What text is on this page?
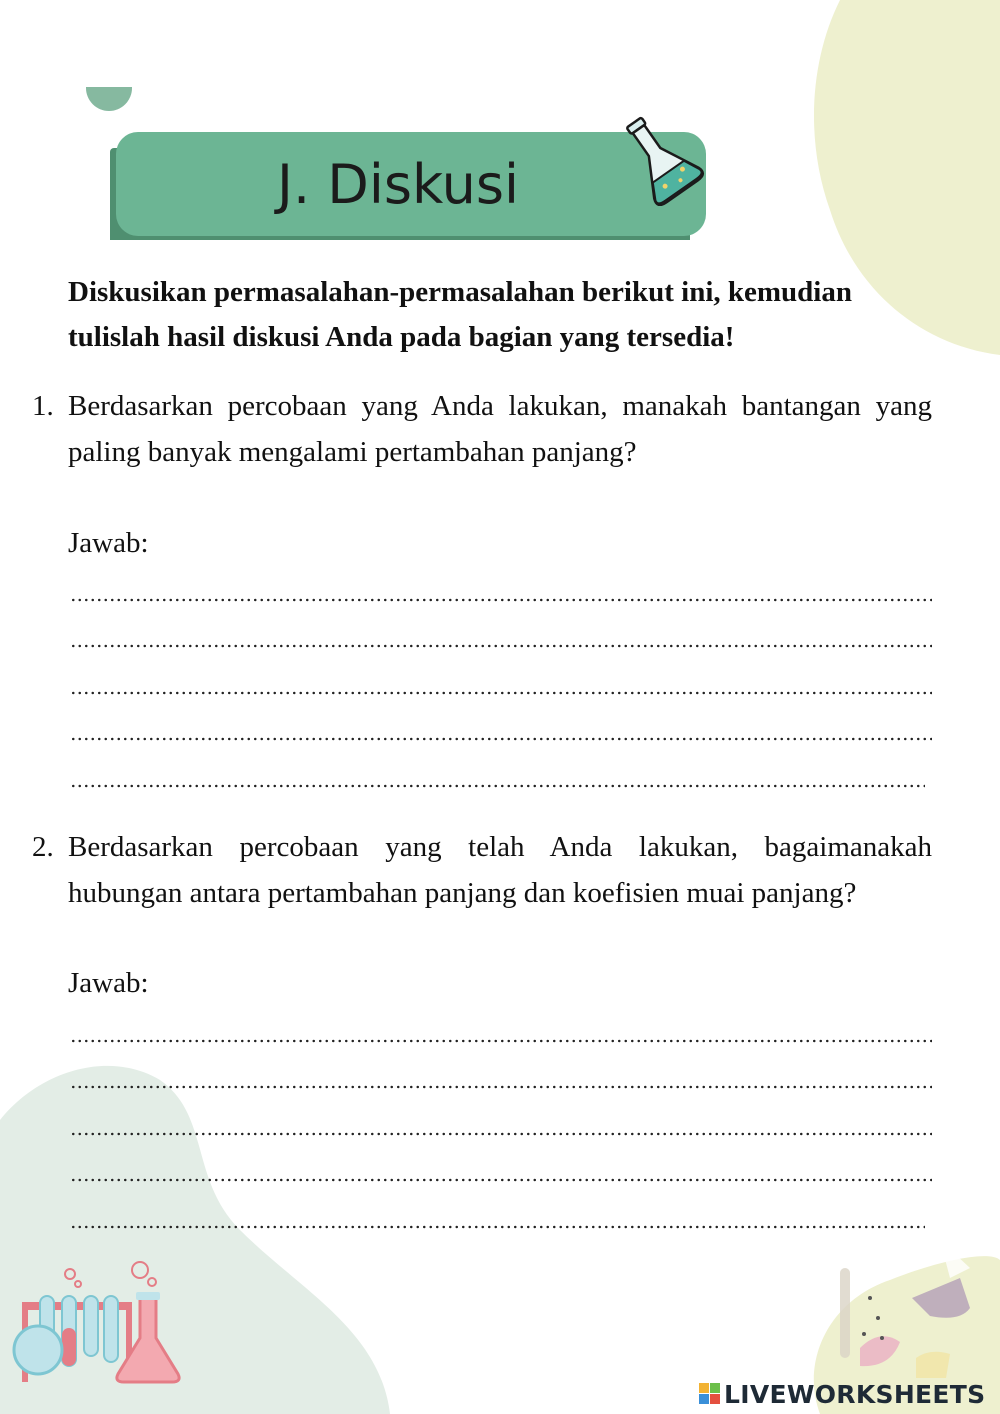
J. Diskusi
Diskusikan permasalahan-permasalahan berikut ini, kemudian tulislah hasil diskusi Anda pada bagian yang tersedia!
1. Berdasarkan percobaan yang Anda lakukan, manakah bantangan yang paling banyak mengalami pertambahan panjang?
Jawab:
2. Berdasarkan percobaan yang telah Anda lakukan, bagaimanakah hubungan antara pertambahan panjang dan koefisien muai panjang?
Jawab:
LIVEWORKSHEETS
